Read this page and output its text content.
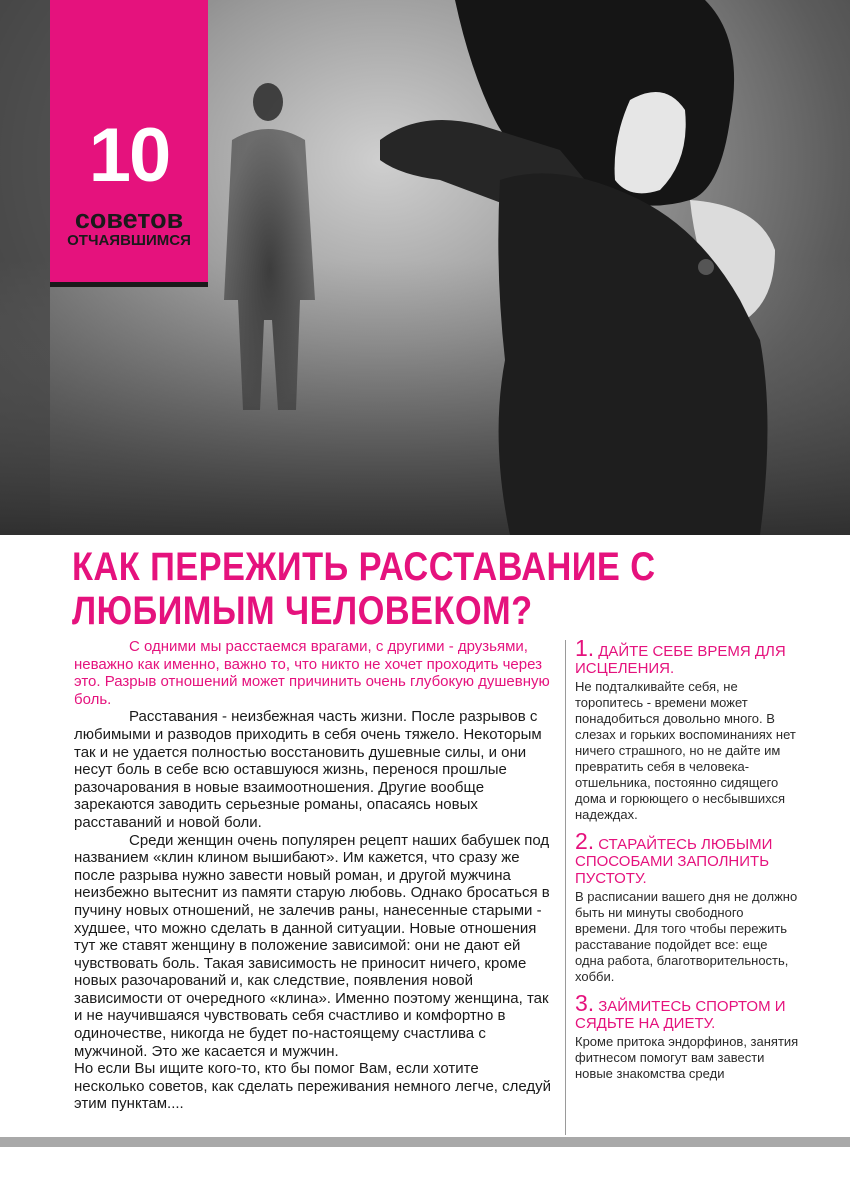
10
советов
ОТЧАЯВШИМСЯ
КАК ПЕРЕЖИТЬ РАССТАВАНИЕ С
ЛЮБИМЫМ ЧЕЛОВЕКОМ?

С одними мы расстаемся врагами, с другими - друзьями, неважно как именно, важно то, что никто не хочет проходить через это. Разрыв отношений может причинить очень глубокую душевную боль.

Расставания - неизбежная часть жизни. После разрывов с любимыми и разводов приходить в себя очень тяжело. Некоторым так и не удается полностью восстановить душевные силы, и они несут боль в себе всю оставшуюся жизнь, перенося прошлые разочарования в новые взаимоотношения. Другие вообще зарекаются заводить серьезные романы, опасаясь новых расставаний и новой боли.

Среди женщин очень популярен рецепт наших бабушек под названием «клин клином вышибают». Им кажется, что сразу же после разрыва нужно завести новый роман, и другой мужчина неизбежно вытеснит из памяти старую любовь. Однако бросаться в пучину новых отношений, не залечив раны, нанесенные старыми - худшее, что можно сделать в данной ситуации. Новые отношения тут же ставят женщину в положение зависимой: они не дают ей чувствовать боль. Такая зависимость не приносит ничего, кроме новых разочарований и, как следствие, появления новой зависимости от очередного «клина». Именно поэтому женщина, так и не научившаяся чувствовать себя счастливо и комфортно в одиночестве, никогда не будет по-настоящему счастлива с мужчиной. Это же касается и мужчин.

Но если Вы ищите кого-то, кто бы помог Вам, если хотите несколько советов, как сделать переживания немного легче, следуй этим пунктам....

1. ДАЙТЕ СЕБЕ ВРЕМЯ ДЛЯ ИСЦЕЛЕНИЯ.

Не подталкивайте себя, не торопитесь - времени может понадобиться довольно много. В слезах и горьких воспоминаниях нет ничего страшного, но не дайте им превратить себя в человека-отшельника, постоянно сидящего дома и горюющего о несбывшихся надеждах.

2. СТАРАЙТЕСЬ ЛЮБЫМИ СПОСОБАМИ ЗАПОЛНИТЬ ПУСТОТУ.

В расписании вашего дня не должно быть ни минуты свободного времени. Для того чтобы пережить расставание подойдет все: еще одна работа, благотворительность, хобби.

3. ЗАЙМИТЕСЬ СПОРТОМ И СЯДЬТЕ НА ДИЕТУ.

Кроме притока эндорфинов, занятия фитнесом помогут вам завести новые знакомства среди
